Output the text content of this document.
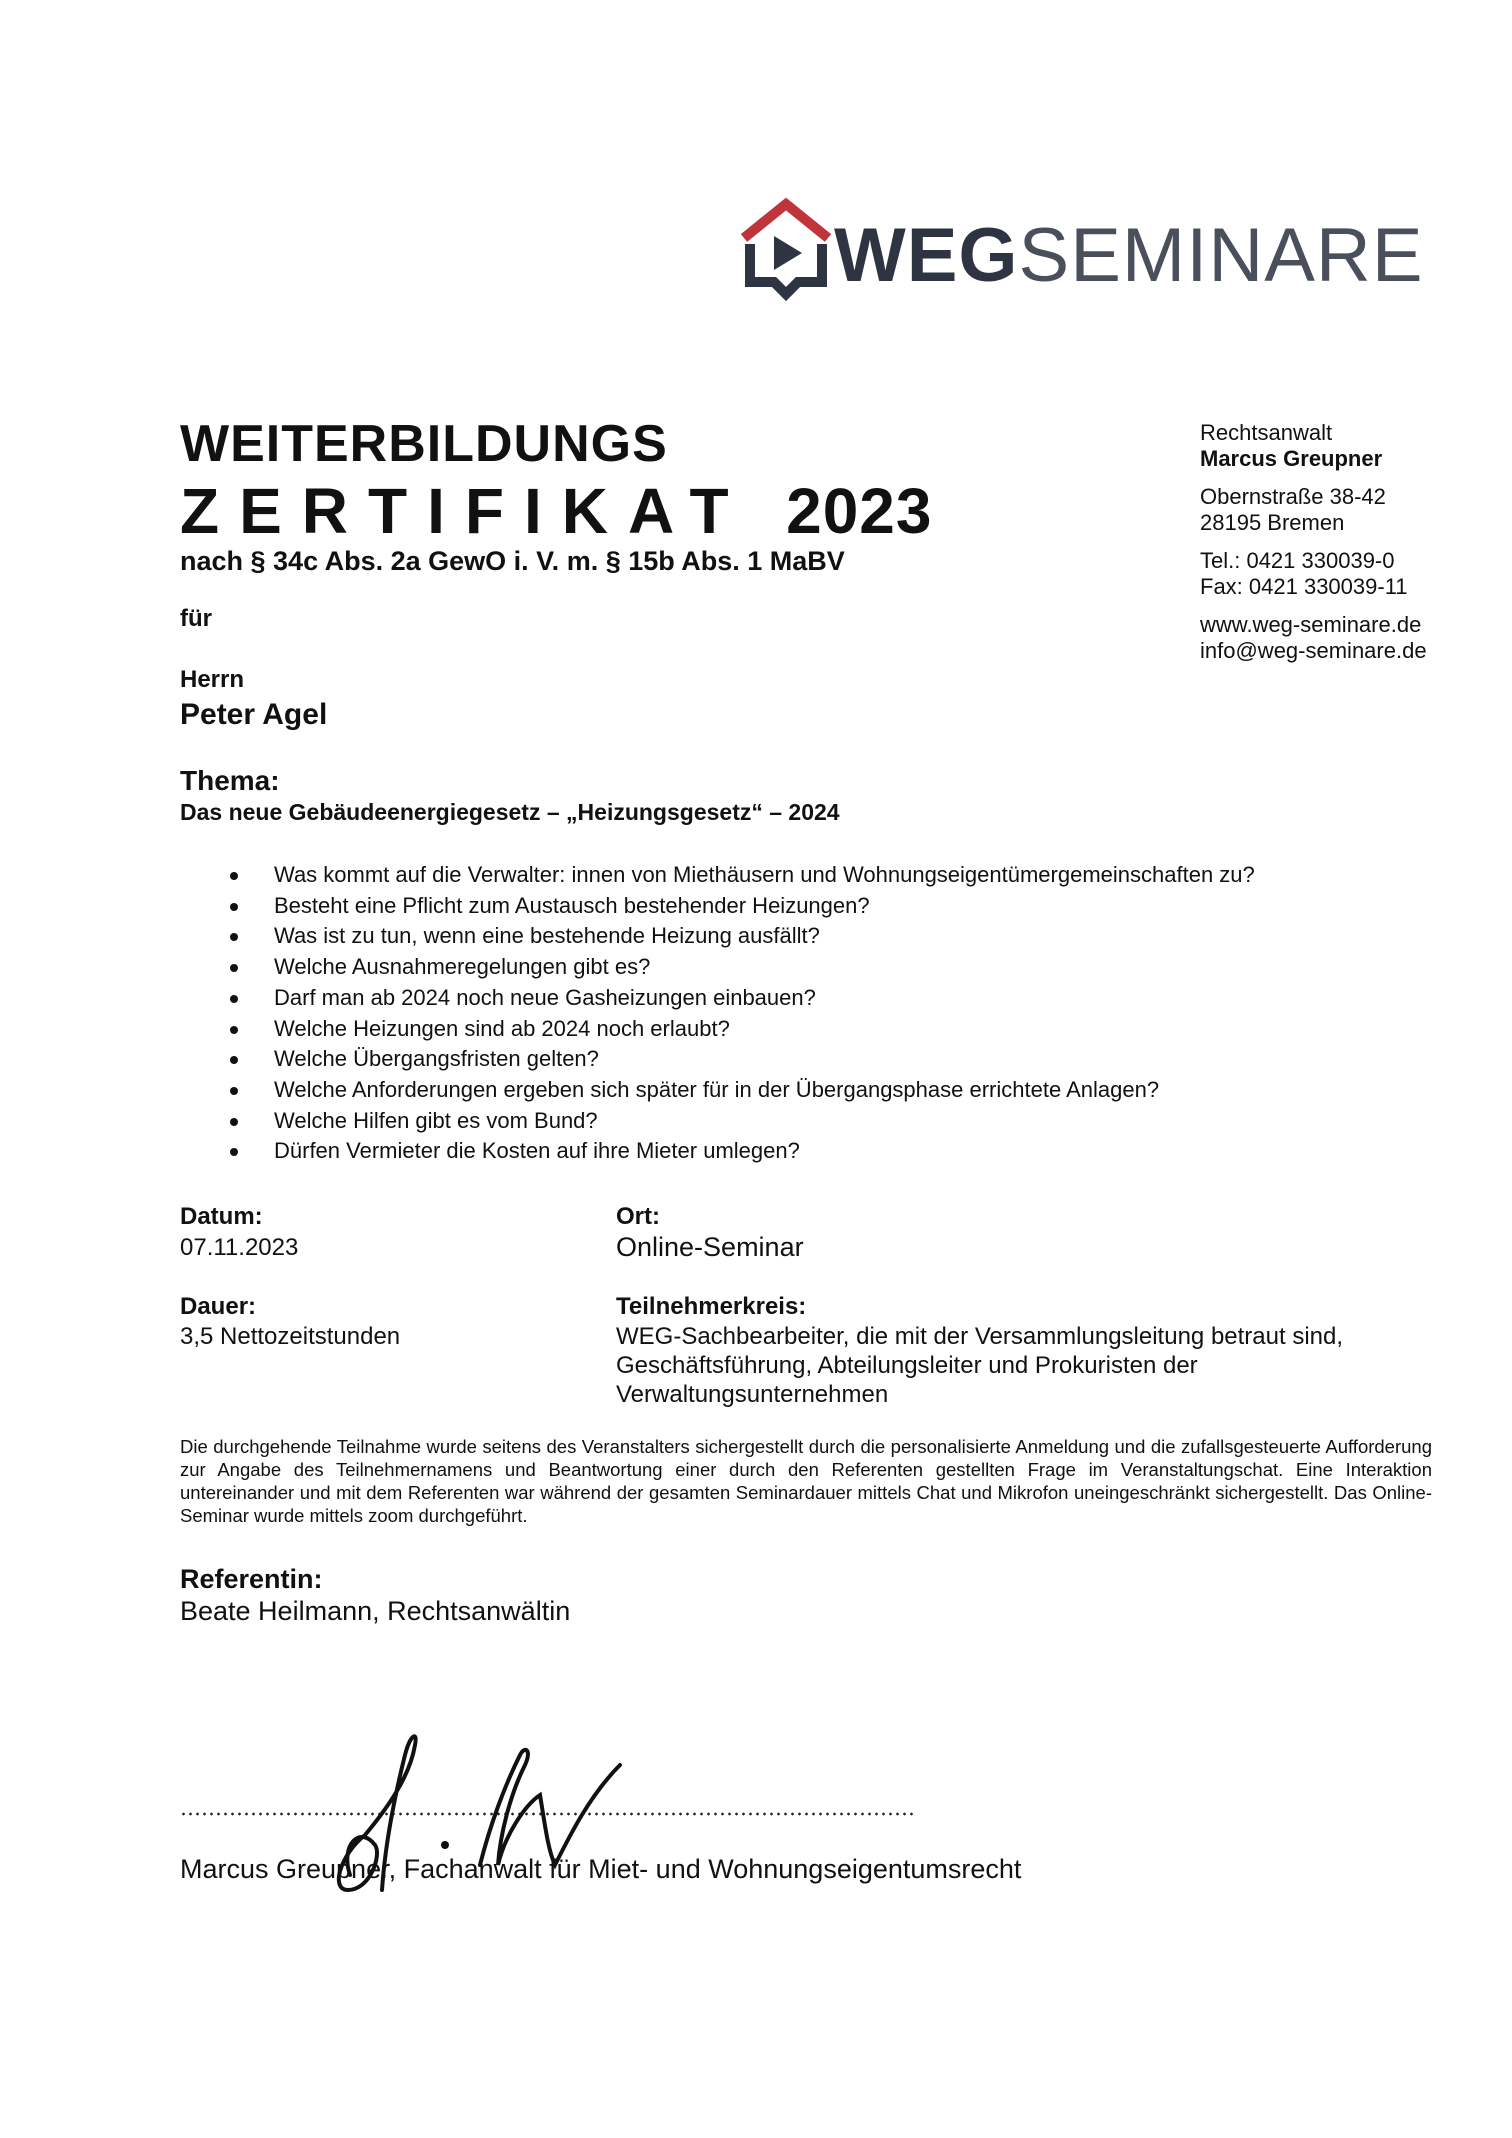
WEGSEMINARE
WEITERBILDUNGS
ZERTIFIKAT 2023
nach § 34c Abs. 2a GewO i. V. m. § 15b Abs. 1 MaBV
für
Herrn
Peter Agel
Rechtsanwalt
Marcus Greupner
Obernstraße 38-42
28195 Bremen
Tel.: 0421 330039-0
Fax: 0421 330039-11
www.weg-seminare.de
info@weg-seminare.de
Thema:
Das neue Gebäudeenergiegesetz – „Heizungsgesetz“ – 2024
Was kommt auf die Verwalter: innen von Miethäusern und Wohnungseigentümergemeinschaften zu?
Besteht eine Pflicht zum Austausch bestehender Heizungen?
Was ist zu tun, wenn eine bestehende Heizung ausfällt?
Welche Ausnahmeregelungen gibt es?
Darf man ab 2024 noch neue Gasheizungen einbauen?
Welche Heizungen sind ab 2024 noch erlaubt?
Welche Übergangsfristen gelten?
Welche Anforderungen ergeben sich später für in der Übergangsphase errichtete Anlagen?
Welche Hilfen gibt es vom Bund?
Dürfen Vermieter die Kosten auf ihre Mieter umlegen?
Datum:
07.11.2023
Ort:
Online-Seminar
Dauer:
3,5 Nettozeitstunden
Teilnehmerkreis:
WEG-Sachbearbeiter, die mit der Versammlungsleitung betraut sind, Geschäftsführung, Abteilungsleiter und Prokuristen der Verwaltungsunternehmen

Die durchgehende Teilnahme wurde seitens des Veranstalters sichergestellt durch die personalisierte Anmeldung und die zufallsgesteuerte Aufforderung zur Angabe des Teilnehmernamens und Beantwortung einer durch den Referenten gestellten Frage im Veranstaltungschat. Eine Interaktion untereinander und mit dem Referenten war während der gesamten Seminardauer mittels Chat und Mikrofon uneingeschränkt sichergestellt. Das Online-Seminar wurde mittels zoom durchgeführt.

Referentin:
Beate Heilmann, Rechtsanwältin
Marcus Greupner, Fachanwalt für Miet- und Wohnungseigentumsrecht
